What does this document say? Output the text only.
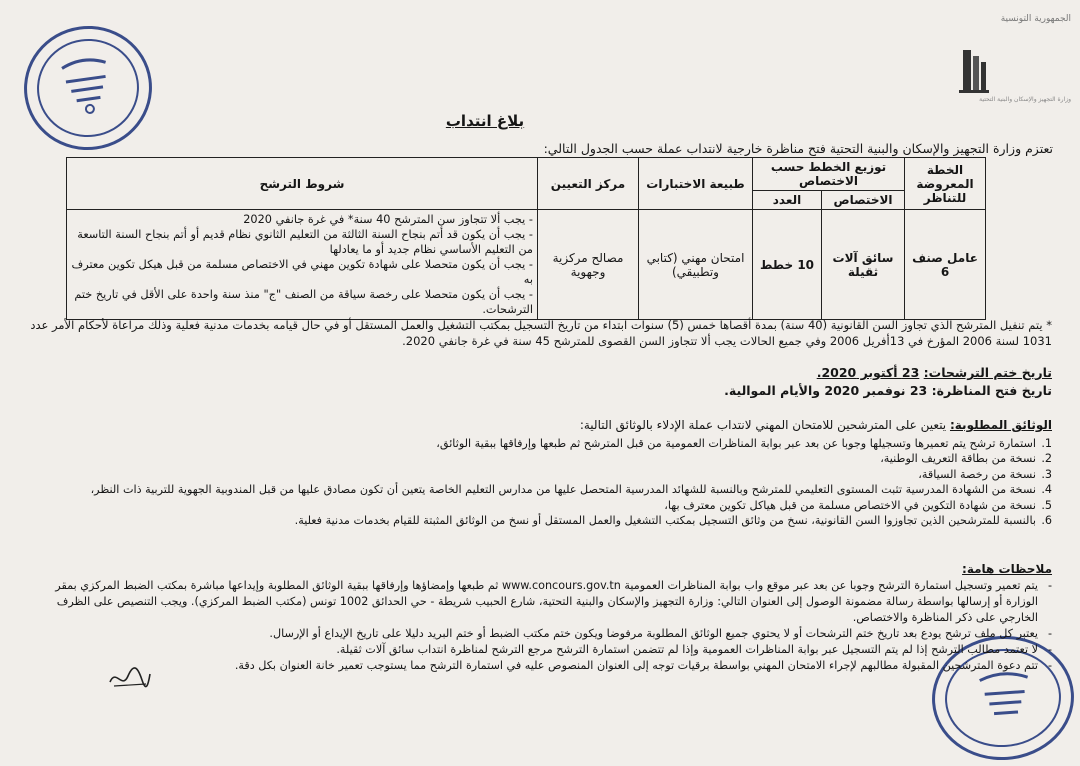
الجمهورية التونسية
وزارة التجهيز والإسكان والبنية التحتية
بلاغ انتداب
تعتزم وزارة التجهيز والإسكان والبنية التحتية فتح مناظرة خارجية لانتداب عملة حسب الجدول التالي:
الخطة المعروضة للتناظر	توزيع الخطط حسب الاختصاص		طبيعة الاختبارات	مركز التعيين	شروط الترشح
	الاختصاص	العدد			
عامل صنف 6	سائق آلات ثقيلة	10 خطط	امتحان مهني (كتابي وتطبيقي)	مصالح مركزية وجهوية	- يجب ألا تتجاوز سن المترشح 40 سنة* في غرة جانفي 2020
- يجب أن يكون قد أتم بنجاح السنة الثالثة من التعليم الثانوي نظام قديم أو أتم بنجاح السنة التاسعة من التعليم الأساسي نظام جديد أو ما يعادلها
- يجب أن يكون متحصلا على شهادة تكوين مهني في الاختصاص مسلمة من قبل هيكل تكوين معترف به
- يجب أن يكون متحصلا على رخصة سياقة من الصنف "ج" منذ سنة واحدة على الأقل في تاريخ ختم الترشحات.
* يتم تنفيل المترشح الذي تجاوز السن القانونية (40 سنة) بمدة أقصاها خمس (5) سنوات ابتداء من تاريخ التسجيل بمكتب التشغيل والعمل المستقل أو في حال قيامه بخدمات مدنية فعلية وذلك مراعاة لأحكام الأمر عدد 1031 لسنة 2006 المؤرخ في 13أفريل 2006 وفي جميع الحالات يجب ألا تتجاوز السن القصوى للمترشح 45 سنة في غرة جانفي 2020.
تاريخ ختم الترشحات: 23 أكتوبر 2020.
تاريخ فتح المناظرة: 23 نوفمبر 2020 والأيام الموالية.
الوثائق المطلوبة: يتعين على المترشحين للامتحان المهني لانتداب عملة الإدلاء بالوثائق التالية:
1.
استمارة ترشح يتم تعميرها وتسجيلها وجوبا عن بعد عبر بوابة المناظرات العمومية من قبل المترشح ثم طبعها وإرفاقها ببقية الوثائق،
2.
نسخة من بطاقة التعريف الوطنية،
3.
نسخة من رخصة السياقة،
4.
نسخة من الشهادة المدرسية تثبت المستوى التعليمي للمترشح وبالنسبة للشهائد المدرسية المتحصل عليها من مدارس التعليم الخاصة يتعين أن تكون مصادق عليها من قبل المندوبية الجهوية للتربية ذات النظر،
5.
نسخة من شهادة التكوين في الاختصاص مسلمة من قبل هياكل تكوين معترف بها،
6.
بالنسبة للمترشحين الذين تجاوزوا السن القانونية، نسخ من وثائق التسجيل بمكتب التشغيل والعمل المستقل أو نسخ من الوثائق المثبتة للقيام بخدمات مدنية فعلية.
ملاحظات هامة:
-
يتم تعمير وتسجيل استمارة الترشح وجوبا عن بعد عبر موقع واب بوابة المناظرات العمومية www.concours.gov.tn ثم طبعها وإمضاؤها وإرفاقها ببقية الوثائق المطلوبة وإيداعها مباشرة بمكتب الضبط المركزي بمقر الوزارة أو إرسالها بواسطة رسالة مضمونة الوصول إلى العنوان التالي: وزارة التجهيز والإسكان والبنية التحتية، شارع الحبيب شريطة - حي الحدائق 1002 تونس (مكتب الضبط المركزي). ويجب التنصيص على الظرف الخارجي على ذكر المناظرة والاختصاص.
-
يعتبر كل ملف ترشح يودع بعد تاريخ ختم الترشحات أو لا يحتوي جميع الوثائق المطلوبة مرفوضا ويكون ختم مكتب الضبط أو ختم البريد دليلا على تاريخ الإيداع أو الإرسال.
-
لا تعتمد مطالب الترشح إذا لم يتم التسجيل عبر بوابة المناظرات العمومية وإذا لم تتضمن استمارة الترشح مرجع الترشح لمناظرة انتداب سائق آلات ثقيلة.
-
تتم دعوة المترشحين المقبولة مطالبهم لإجراء الامتحان المهني بواسطة برقيات توجه إلى العنوان المنصوص عليه في استمارة الترشح مما يستوجب تعمير خانة العنوان بكل دقة.
